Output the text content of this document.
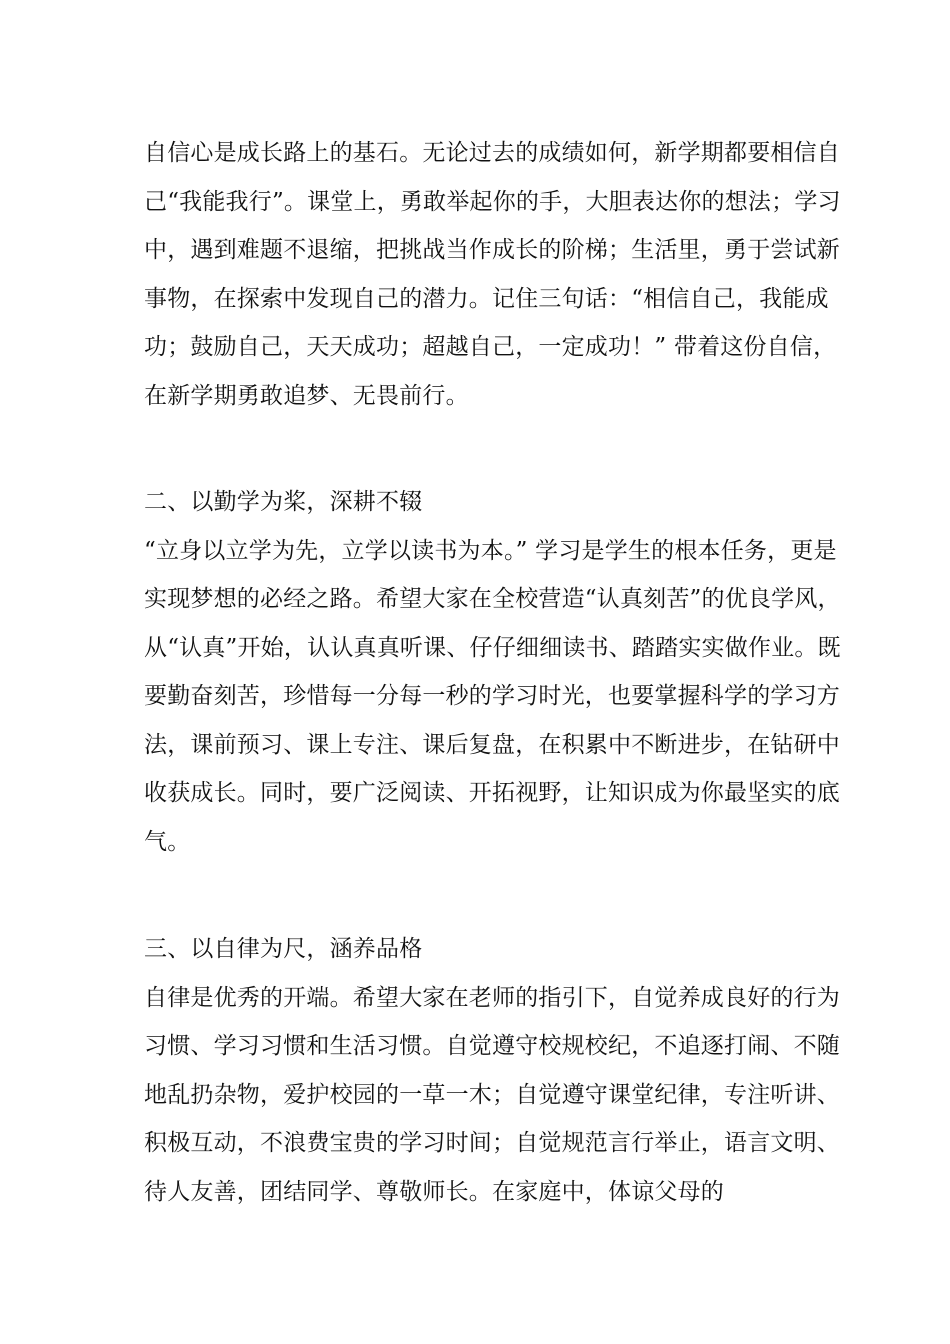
自信心是成长路上的基石。无论过去的成绩如何，新学期都要相信自己“我能我行”。课堂上，勇敢举起你的手，大胆表达你的想法；学习中，遇到难题不退缩，把挑战当作成长的阶梯；生活里，勇于尝试新事物，在探索中发现自己的潜力。记住三句话：“相信自己，我能成功；鼓励自己，天天成功；超越自己，一定成功！” 带着这份自信，在新学期勇敢追梦、无畏前行。

二、以勤学为桨，深耕不辍

“立身以立学为先，立学以读书为本。” 学习是学生的根本任务，更是实现梦想的必经之路。希望大家在全校营造“认真刻苦”的优良学风，从“认真”开始，认认真真听课、仔仔细细读书、踏踏实实做作业。既要勤奋刻苦，珍惜每一分每一秒的学习时光，也要掌握科学的学习方法，课前预习、课上专注、课后复盘，在积累中不断进步，在钻研中收获成长。同时，要广泛阅读、开拓视野，让知识成为你最坚实的底气。

三、以自律为尺，涵养品格

自律是优秀的开端。希望大家在老师的指引下，自觉养成良好的行为习惯、学习习惯和生活习惯。自觉遵守校规校纪，不追逐打闹、不随地乱扔杂物，爱护校园的一草一木；自觉遵守课堂纪律，专注听讲、积极互动，不浪费宝贵的学习时间；自觉规范言行举止，语言文明、待人友善，团结同学、尊敬师长。在家庭中，体谅父母的
